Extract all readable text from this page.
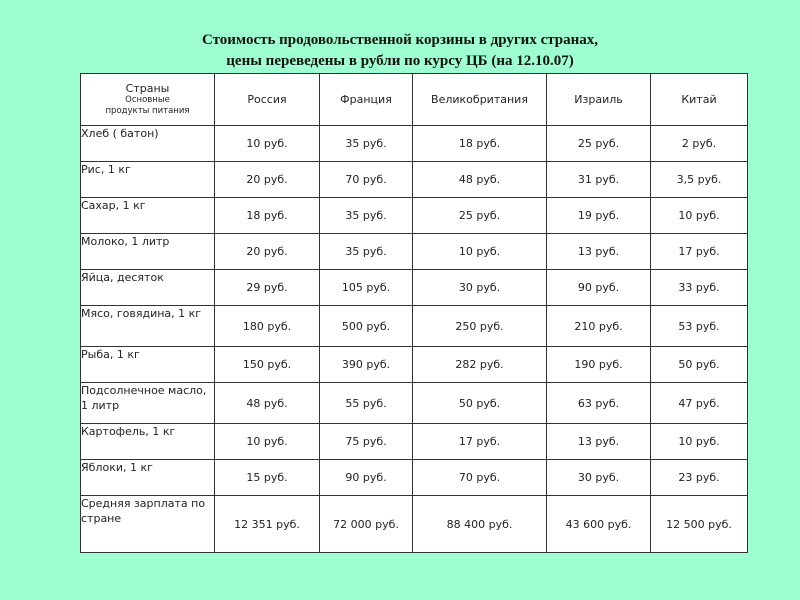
Стоимость продовольственной корзины в других странах,
цены переведены в рубли по курсу ЦБ (на 12.10.07)
Страны
Основные
продукты питания	Россия	Франция	Великобритания	Израиль	Китай
Хлеб ( батон)	10 руб.	35 руб.	18 руб.	25 руб.	2 руб.
Рис, 1 кг	20 руб.	70 руб.	48 руб.	31 руб.	3,5 руб.
Сахар, 1 кг	18 руб.	35 руб.	25 руб.	19 руб.	10 руб.
Молоко, 1 литр	20 руб.	35 руб.	10 руб.	13 руб.	17 руб.
Яйца, десяток	29 руб.	105 руб.	30 руб.	90 руб.	33 руб.
Мясо, говядина, 1 кг	180 руб.	500 руб.	250 руб.	210 руб.	53 руб.
Рыба, 1 кг	150 руб.	390 руб.	282 руб.	190 руб.	50 руб.
Подсолнечное масло, 1 литр	48 руб.	55 руб.	50 руб.	63 руб.	47 руб.
Картофель, 1 кг	10 руб.	75 руб.	17 руб.	13 руб.	10 руб.
Яблоки, 1 кг	15 руб.	90 руб.	70 руб.	30 руб.	23 руб.
Средняя зарплата по стране	12 351 руб.	72 000 руб.	88 400 руб.	43 600 руб.	12 500 руб.
